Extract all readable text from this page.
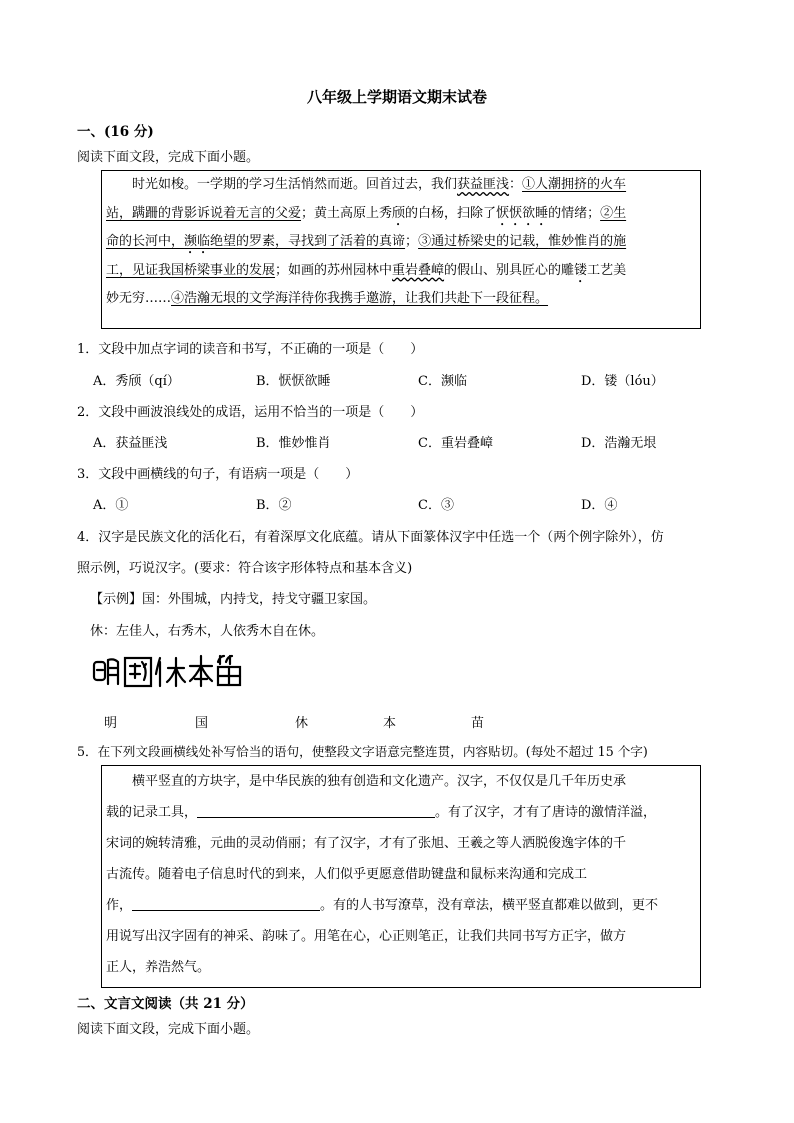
八年级上学期语文期末试卷
一、(16 分)
阅读下面文段，完成下面小题。
时光如梭。一学期的学习生活悄然而逝。回首过去，我们获益匪浅：①人潮拥挤的火车
站，蹒跚的背影诉说着无言的父爱；黄土高原上秀颀的白杨，扫除了恹恹欲睡的情绪；②生
命的长河中，濒临绝望的罗素，寻找到了活着的真谛；③通过桥梁史的记载，惟妙惟肖的施
工，见证我国桥梁事业的发展；如画的苏州园林中重岩叠嶂的假山、别具匠心的雕镂工艺美
妙无穷……④浩瀚无垠的文学海洋待你我携手邀游，让我们共赴下一段征程。
1．文段中加点字词的读音和书写，不正确的一项是（　　）
A．秀颀（qí）	B．恹恹欲睡	C．濒临	D．镂（lóu）
2．文段中画波浪线处的成语，运用不恰当的一项是（　　）
A．获益匪浅	B．惟妙惟肖	C．重岩叠嶂	D．浩瀚无垠
3．文段中画横线的句子，有语病一项是（　　）
A．①	B．②	C．③	D．④
4．汉字是民族文化的活化石，有着深厚文化底蕴。请从下面篆体汉字中任选一个（两个例字除外），仿
照示例，巧说汉字。(要求：符合该字形体特点和基本含义)
【示例】国：外围城，内持戈，持戈守疆卫家国。
休：左佳人，右秀木，人依秀木自在休。
明	国	休	本	苗
5．在下列文段画横线处补写恰当的语句，使整段文字语意完整连贯，内容贴切。(每处不超过 15 个字)
横平竖直的方块字，是中华民族的独有创造和文化遗产。汉字，不仅仅是几千年历史承
载的记录工具，	。有了汉字，才有了唐诗的激情洋溢，
宋词的婉转清雅，元曲的灵动俏丽；有了汉字，才有了张旭、王羲之等人洒脱俊逸字体的千
古流传。随着电子信息时代的到来，人们似乎更愿意借助键盘和鼠标来沟通和完成工
作，	。有的人书写潦草，没有章法，横平竖直都难以做到，更不
用说写出汉字固有的神采、韵味了。用笔在心，心正则笔正，让我们共同书写方正字，做方
正人，养浩然气。
二、文言文阅读（共 21 分）
阅读下面文段，完成下面小题。
